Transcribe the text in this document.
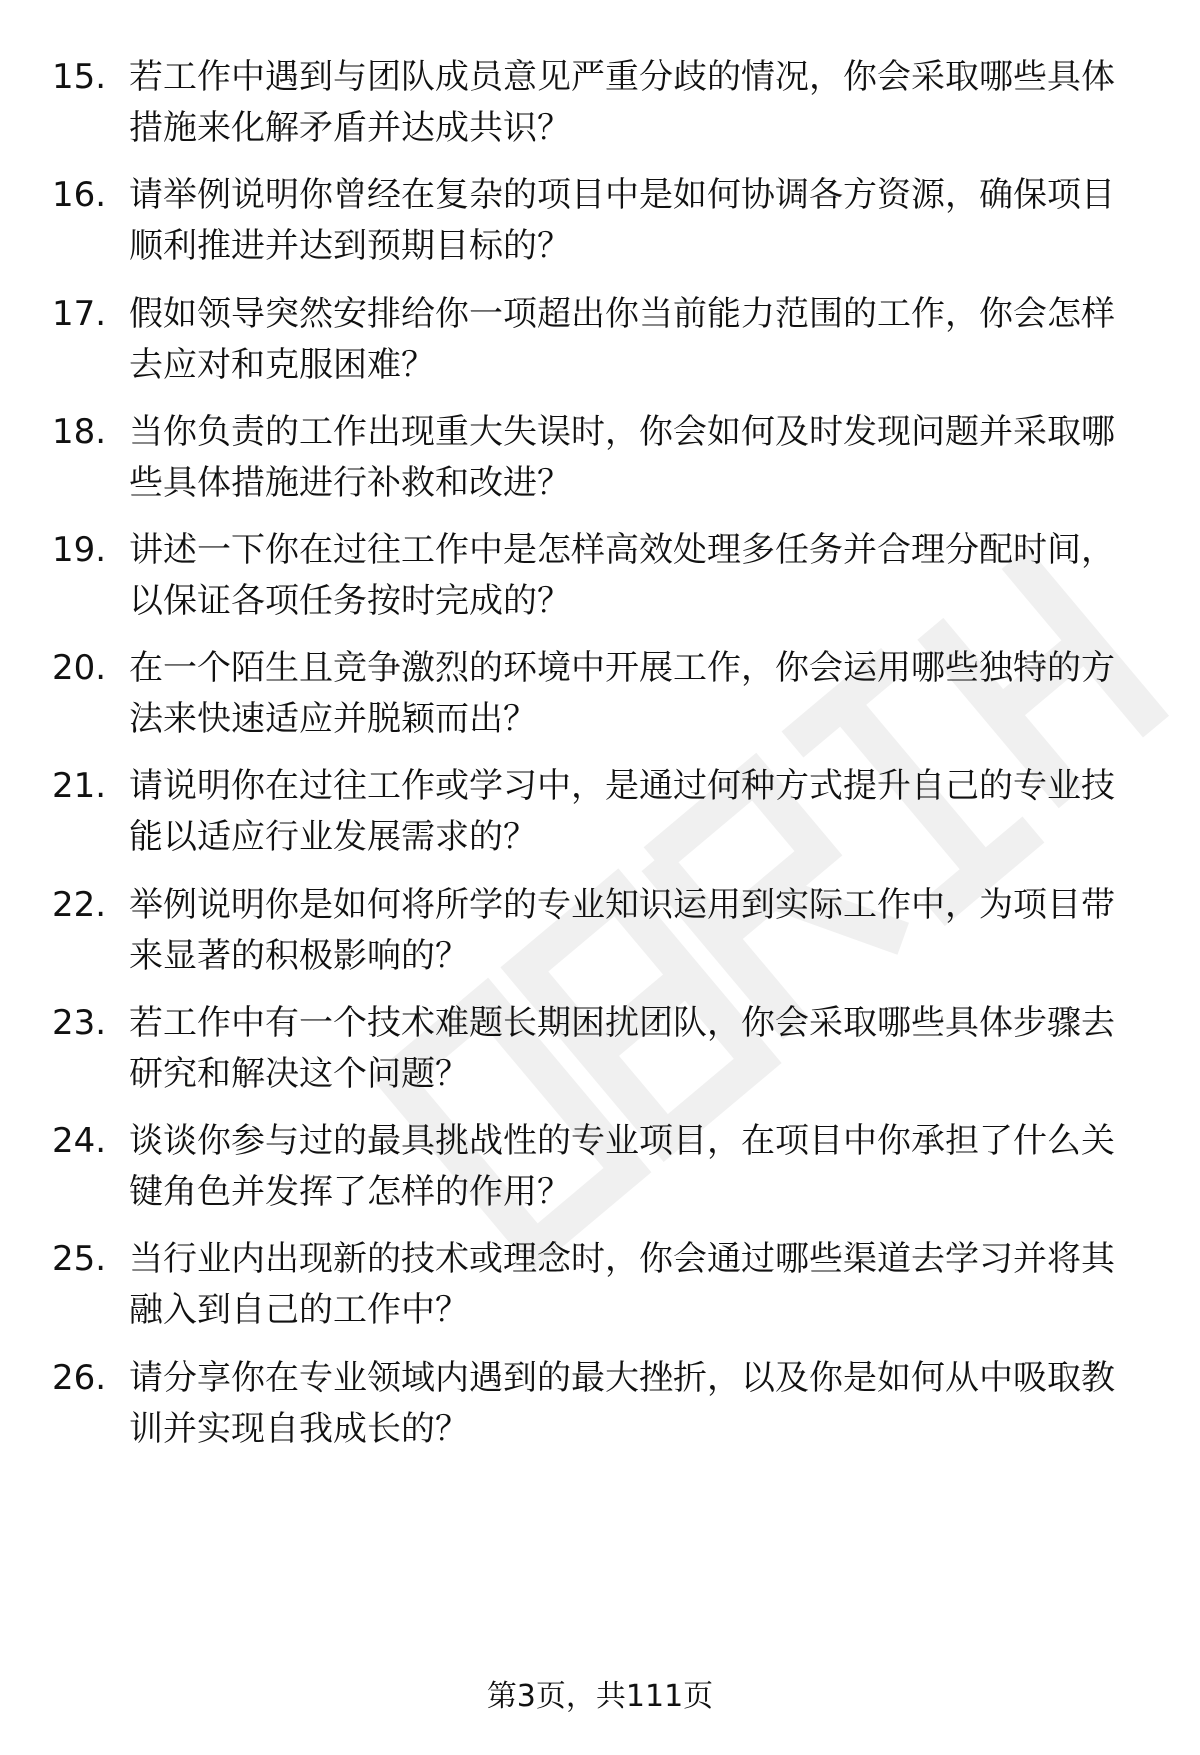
15. 若工作中遇到与团队成员意见严重分歧的情况，你会采取哪些具体措施来化解矛盾并达成共识？
16. 请举例说明你曾经在复杂的项目中是如何协调各方资源，确保项目顺利推进并达到预期目标的？
17. 假如领导突然安排给你一项超出你当前能力范围的工作，你会怎样去应对和克服困难？
18. 当你负责的工作出现重大失误时，你会如何及时发现问题并采取哪些具体措施进行补救和改进？
19. 讲述一下你在过往工作中是怎样高效处理多任务并合理分配时间，以保证各项任务按时完成的？
20. 在一个陌生且竞争激烈的环境中开展工作，你会运用哪些独特的方法来快速适应并脱颖而出？
21. 请说明你在过往工作或学习中，是通过何种方式提升自己的专业技能以适应行业发展需求的？
22. 举例说明你是如何将所学的专业知识运用到实际工作中，为项目带来显著的积极影响的？
23. 若工作中有一个技术难题长期困扰团队，你会采取哪些具体步骤去研究和解决这个问题？
24. 谈谈你参与过的最具挑战性的专业项目，在项目中你承担了什么关键角色并发挥了怎样的作用？
25. 当行业内出现新的技术或理念时，你会通过哪些渠道去学习并将其融入到自己的工作中？
26. 请分享你在专业领域内遇到的最大挫折，以及你是如何从中吸取教训并实现自我成长的？
第3页，共111页
